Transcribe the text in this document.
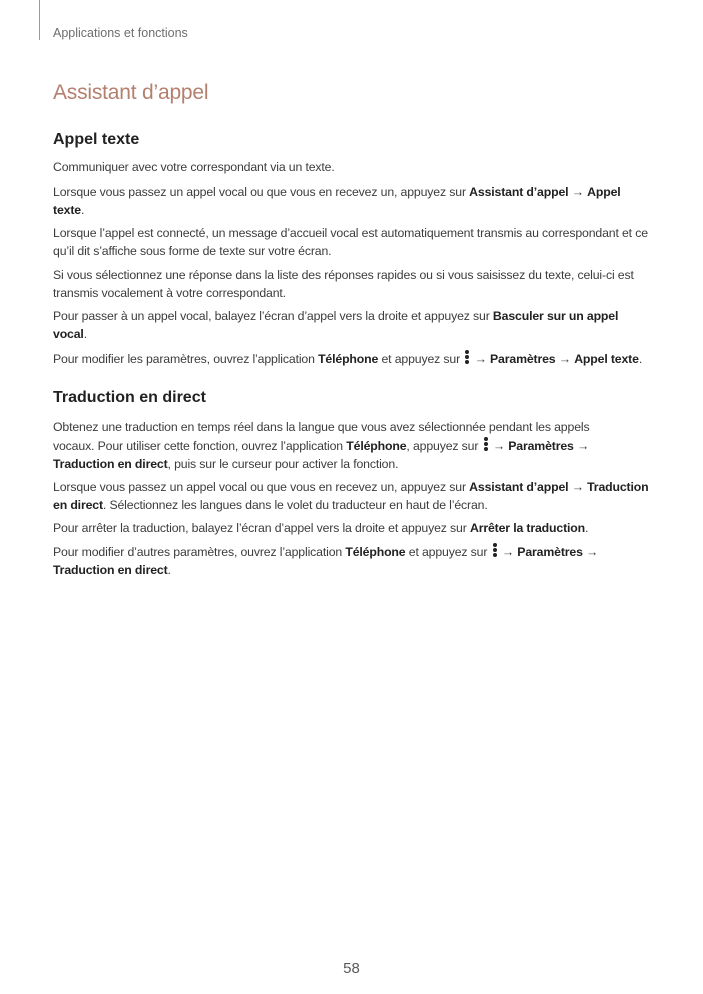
Applications et fonctions
Assistant d’appel
Appel texte

Communiquer avec votre correspondant via un texte.

Lorsque vous passez un appel vocal ou que vous en recevez un, appuyez sur Assistant d’appel → Appel texte.

Lorsque l’appel est connecté, un message d’accueil vocal est automatiquement transmis au correspondant et ce qu’il dit s’affiche sous forme de texte sur votre écran.

Si vous sélectionnez une réponse dans la liste des réponses rapides ou si vous saisissez du texte, celui-ci est transmis vocalement à votre correspondant.

Pour passer à un appel vocal, balayez l’écran d’appel vers la droite et appuyez sur Basculer sur un appel vocal.

Pour modifier les paramètres, ouvrez l’application Téléphone et appuyez sur
→ Paramètres → Appel texte.

Traduction en direct

Obtenez une traduction en temps réel dans la langue que vous avez sélectionnée pendant les appels vocaux. Pour utiliser cette fonction, ouvrez l’application Téléphone, appuyez sur
→ Paramètres → Traduction en direct, puis sur le curseur pour activer la fonction.

Lorsque vous passez un appel vocal ou que vous en recevez un, appuyez sur Assistant d’appel → Traduction en direct. Sélectionnez les langues dans le volet du traducteur en haut de l’écran.

Pour arrêter la traduction, balayez l’écran d’appel vers la droite et appuyez sur Arrêter la traduction.

Pour modifier d’autres paramètres, ouvrez l’application Téléphone et appuyez sur
→ Paramètres → Traduction en direct.

58
